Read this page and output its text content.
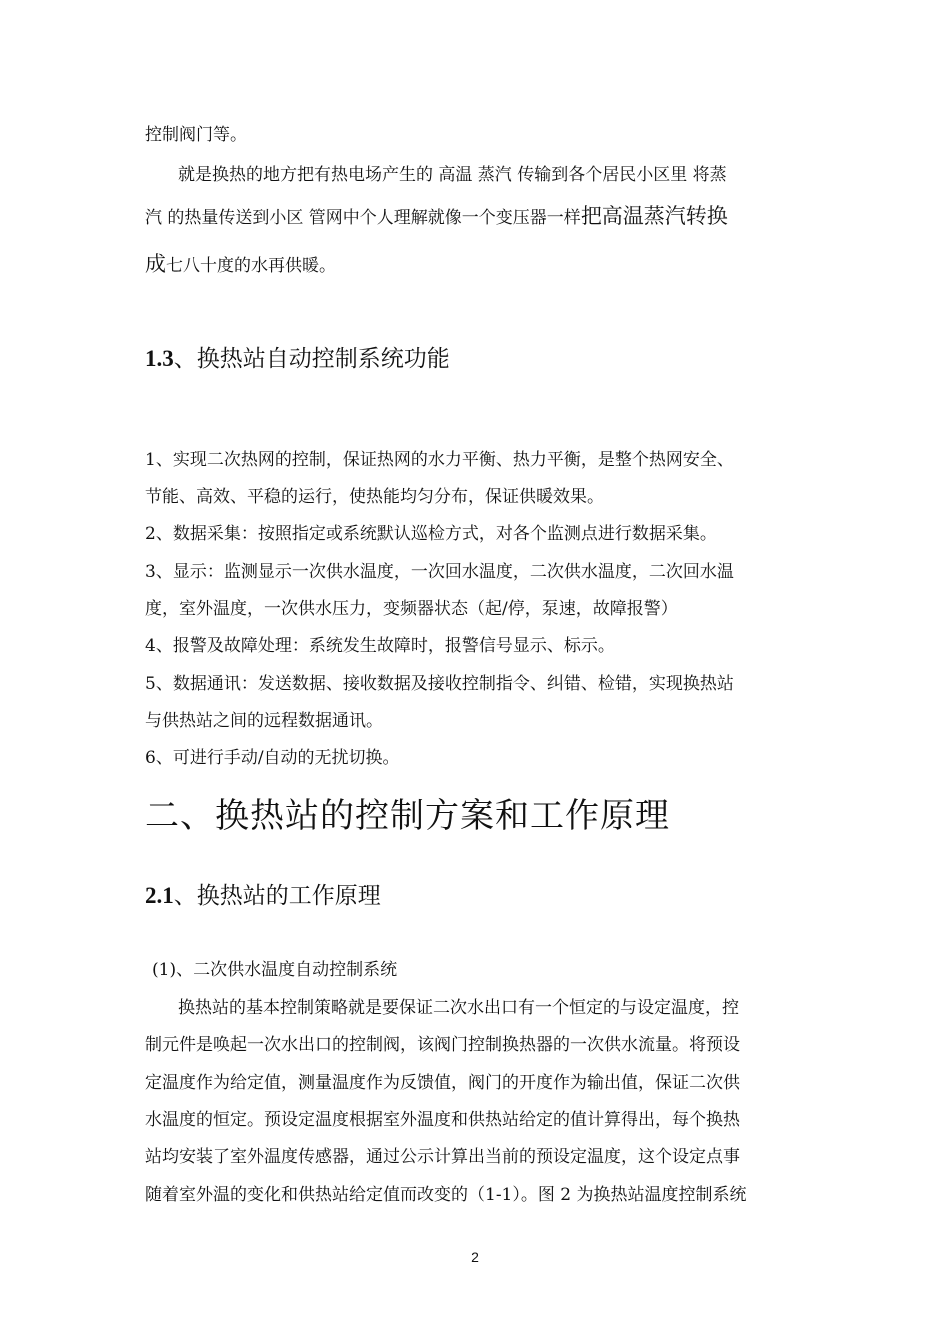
控制阀门等。
就是换热的地方把有热电场产生的 高温 蒸汽 传输到各个居民小区里 将蒸
汽 的热量传送到小区 管网中个人理解就像一个变压器一样把高温蒸汽转换
成七八十度的水再供暖。
1.3、换热站自动控制系统功能
1、实现二次热网的控制，保证热网的水力平衡、热力平衡，是整个热网安全、
节能、高效、平稳的运行，使热能均匀分布，保证供暖效果。
2、数据采集：按照指定或系统默认巡检方式，对各个监测点进行数据采集。
3、显示：监测显示一次供水温度，一次回水温度，二次供水温度，二次回水温
度，室外温度，一次供水压力，变频器状态（起/停，泵速，故障报警）
4、报警及故障处理：系统发生故障时，报警信号显示、标示。
5、数据通讯：发送数据、接收数据及接收控制指令、纠错、检错，实现换热站
与供热站之间的远程数据通讯。
6、可进行手动/自动的无扰切换。
二、换热站的控制方案和工作原理
2.1、换热站的工作原理
(1)、二次供水温度自动控制系统
换热站的基本控制策略就是要保证二次水出口有一个恒定的与设定温度，控
制元件是唤起一次水出口的控制阀，该阀门控制换热器的一次供水流量。将预设
定温度作为给定值，测量温度作为反馈值，阀门的开度作为输出值，保证二次供
水温度的恒定。预设定温度根据室外温度和供热站给定的值计算得出，每个换热
站均安装了室外温度传感器，通过公示计算出当前的预设定温度，这个设定点事
随着室外温的变化和供热站给定值而改变的（1-1）。图 2 为换热站温度控制系统
2
